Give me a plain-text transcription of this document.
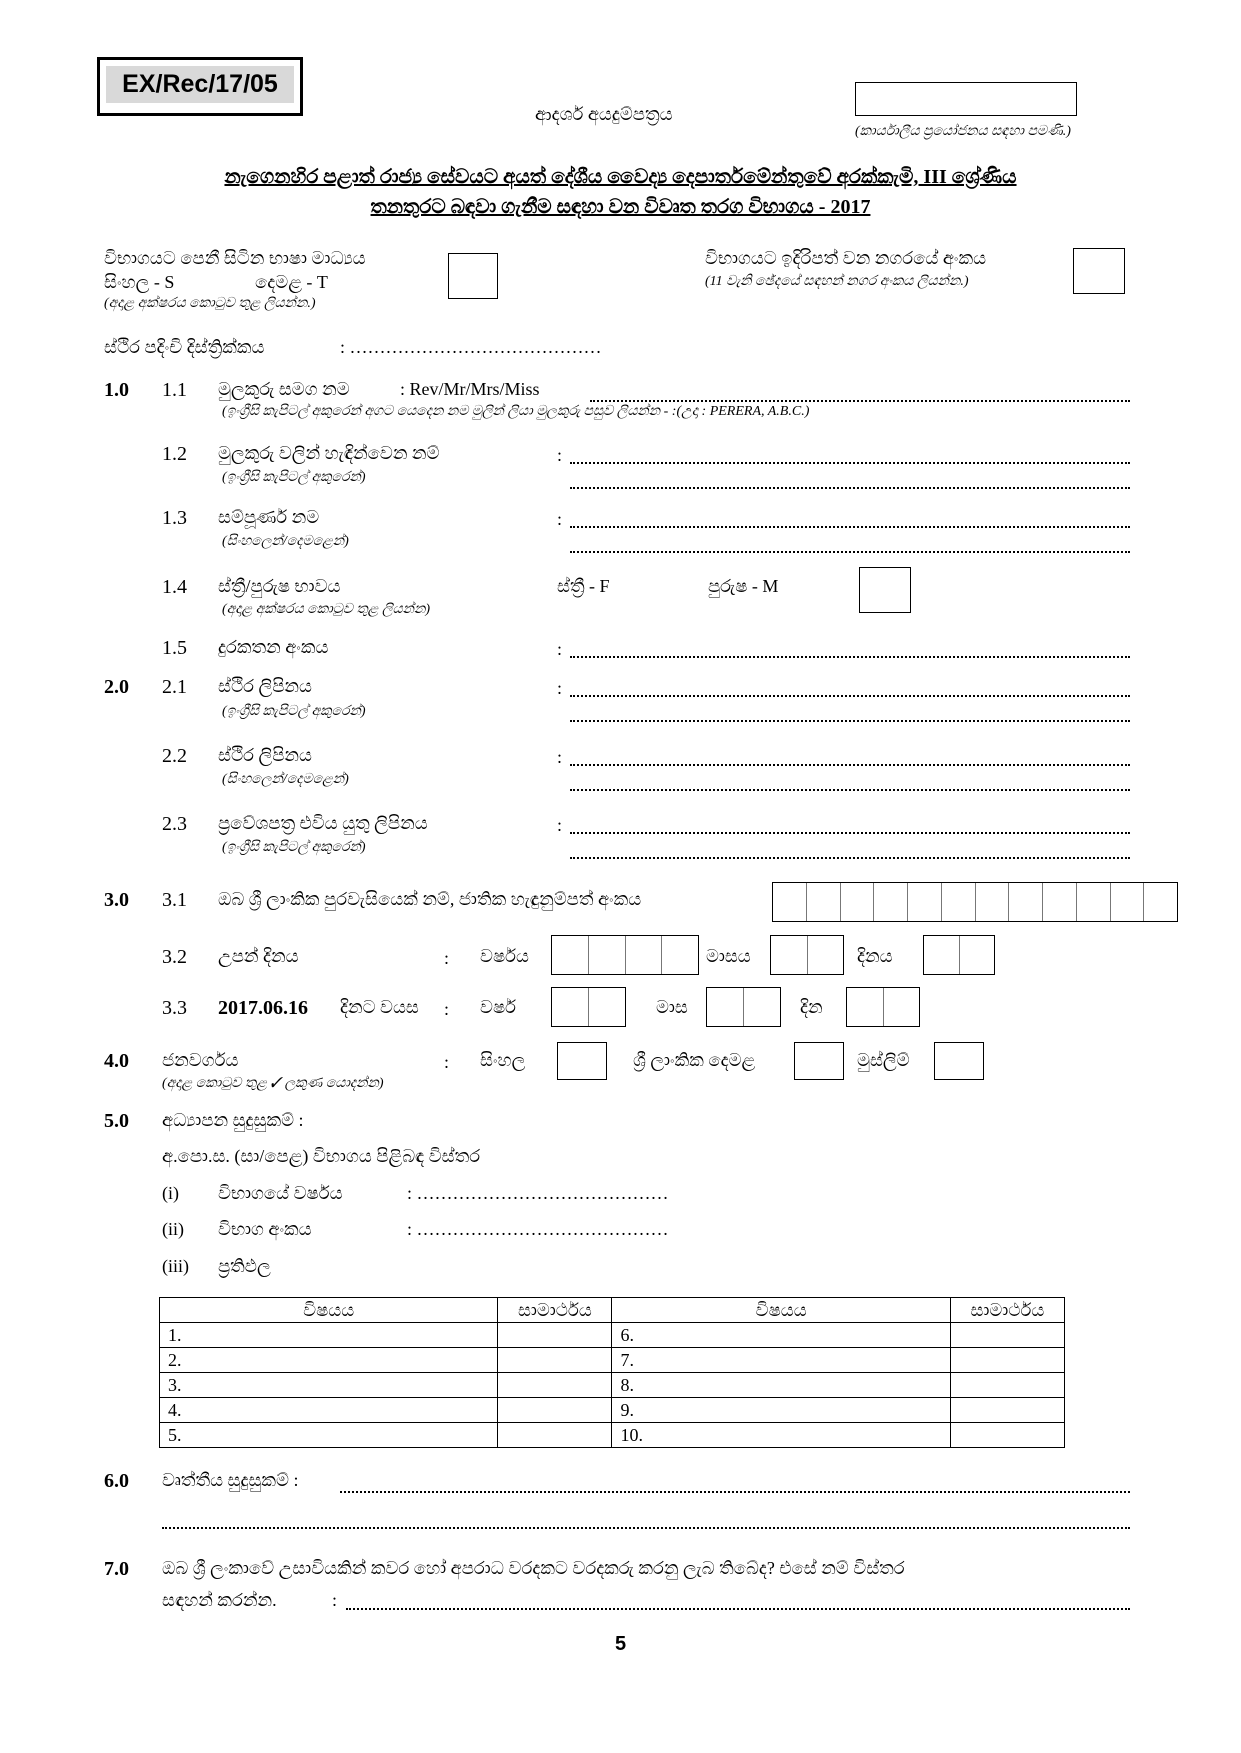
EX/Rec/17/05
ආදර්ශ අයදුම්පත්‍රය
(කාර්යාලීය ප්‍රයෝජනය සඳහා පමණි.)
නැගෙනහිර පළාත් රාජ්‍ය සේවයට අයත් දේශීය වෛද්‍ය දෙපාර්තමේන්තුවේ අරක්කැමි, III ශ්‍රේණිය
තනතුරට බඳවා ගැනීම සඳහා වන විවෘත තරග විභාගය - 2017
විභාගයට පෙනී සිටින භාෂා මාධ්‍යය
සිංහල - S	දෙමළ - T
(අදාළ අක්ෂරය කොටුව තුළ ලියන්න.)
විභාගයට ඉදිරිපත් වන නගරයේ අංකය
(11 වැනි ඡේදයේ සඳහන් නගර අංකය ලියන්න.)
ස්ථිර පදිංචි දිස්ත්‍රික්කය	: ……………………………………
1.0 1.1 මුලකුරු සමග නම	: Rev/Mr/Mrs/Miss
(ඉංග්‍රීසි කැපිටල් අකුරෙන් අගට යෙදෙන නම මුලින් ලියා මුලකුරු පසුව ලියන්න - :(උදා : PERERA, A.B.C.)
1.2 මුලකුරු වලින් හැඳින්වෙන නම්
(ඉංග්‍රීසි කැපිටල් අකුරෙන්)
:
1.3 සම්පූර්ණ නම
(සිංහලෙන්/දෙමළෙන්)
:
1.4 ස්ත්‍රී/පුරුෂ භාවය
(අදාළ අක්ෂරය කොටුව තුළ ලියන්න)
ස්ත්‍රී - F	පුරුෂ - M
1.5 දුරකතන අංකය	:
2.0 2.1 ස්ථිර ලිපිනය
(ඉංග්‍රීසි කැපිටල් අකුරෙන්)
:
2.2 ස්ථිර ලිපිනය
(සිංහලෙන්/දෙමළෙන්)
:
2.3 ප්‍රවේශපත්‍ර එවිය යුතු ලිපිනය
(ඉංග්‍රීසි කැපිටල් අකුරෙන්)
:
3.0 3.1 ඔබ ශ්‍රී ලාංකික පුරවැසියෙක් නම්, ජාතික හැඳුනුම්පත් අංකය
3.2 උපන් දිනය	: වර්ෂය	මාසය	දිනය
3.3 2017.06.16 දිනට වයස : වර්ෂ	මාස	දින
4.0 ජනවර්ගය	:
(අදාළ කොටුව තුළ ✓ ලකුණ යොදන්න)
සිංහල	ශ්‍රී ලාංකික දෙමළ	මුස්ලිම්
5.0 අධ්‍යාපන සුදුසුකම් :
අ.පො.ස. (සා/පෙළ) විභාගය පිළිබඳ විස්තර
(i) විභාගයේ වර්ෂය	: ……………………………………
(ii) විභාග අංකය	: ……………………………………
(iii) ප්‍රතිඵල
විෂයය	සාමාර්ථය	විෂයය	සාමාර්ථය
1.		6.	
2.		7.	
3.		8.	
4.		9.	
5.		10.	
6.0 වෘත්තීය සුදුසුකම් :
7.0 ඔබ ශ්‍රී ලංකාවේ උසාවියකින් කවර හෝ අපරාධ වරදකට වරදකරු කරනු ලැබ තිබේද? එසේ නම් විස්තර
සඳහන් කරන්න.	:
5
